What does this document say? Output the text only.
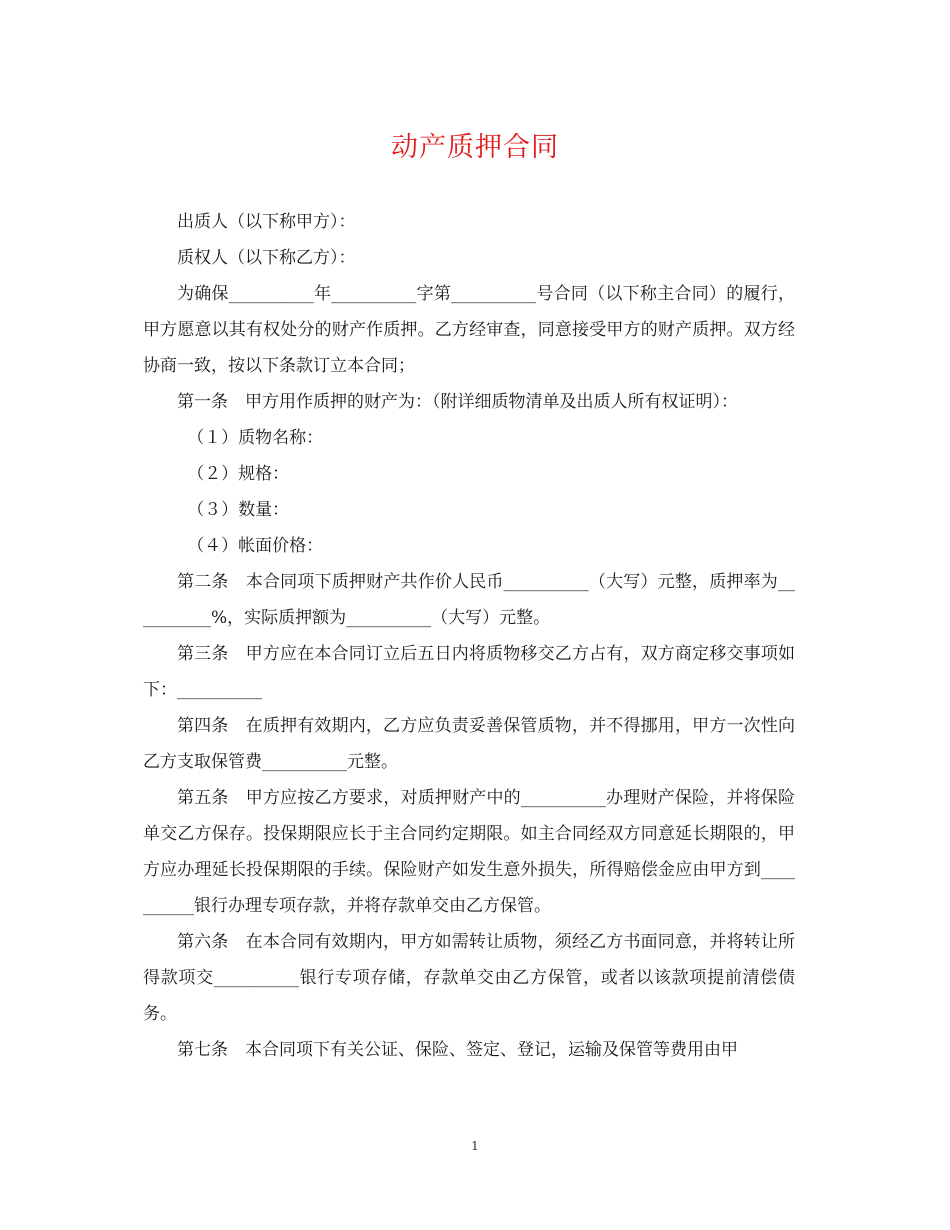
动产质押合同

出质人（以下称甲方）：

质权人（以下称乙方）：

为确保__________年__________字第__________号合同（以下称主合同）的履行，甲方愿意以其有权处分的财产作质押。乙方经审查，同意接受甲方的财产质押。双方经协商一致，按以下条款订立本合同；

第一条　甲方用作质押的财产为：（附详细质物清单及出质人所有权证明）：

（１）质物名称：

（２）规格：

（３）数量：

（４）帐面价格：

第二条　本合同项下质押财产共作价人民币__________（大写）元整，质押率为__________%，实际质押额为__________（大写）元整。

第三条　甲方应在本合同订立后五日内将质物移交乙方占有，双方商定移交事项如下：__________

第四条　在质押有效期内，乙方应负责妥善保管质物，并不得挪用，甲方一次性向乙方支取保管费__________元整。

第五条　甲方应按乙方要求，对质押财产中的__________办理财产保险，并将保险单交乙方保存。投保期限应长于主合同约定期限。如主合同经双方同意延长期限的，甲方应办理延长投保期限的手续。保险财产如发生意外损失，所得赔偿金应由甲方到__________银行办理专项存款，并将存款单交由乙方保管。

第六条　在本合同有效期内，甲方如需转让质物，须经乙方书面同意，并将转让所得款项交__________银行专项存储，存款单交由乙方保管，或者以该款项提前清偿债务。

第七条　本合同项下有关公证、保险、签定、登记，运输及保管等费用由甲

1
